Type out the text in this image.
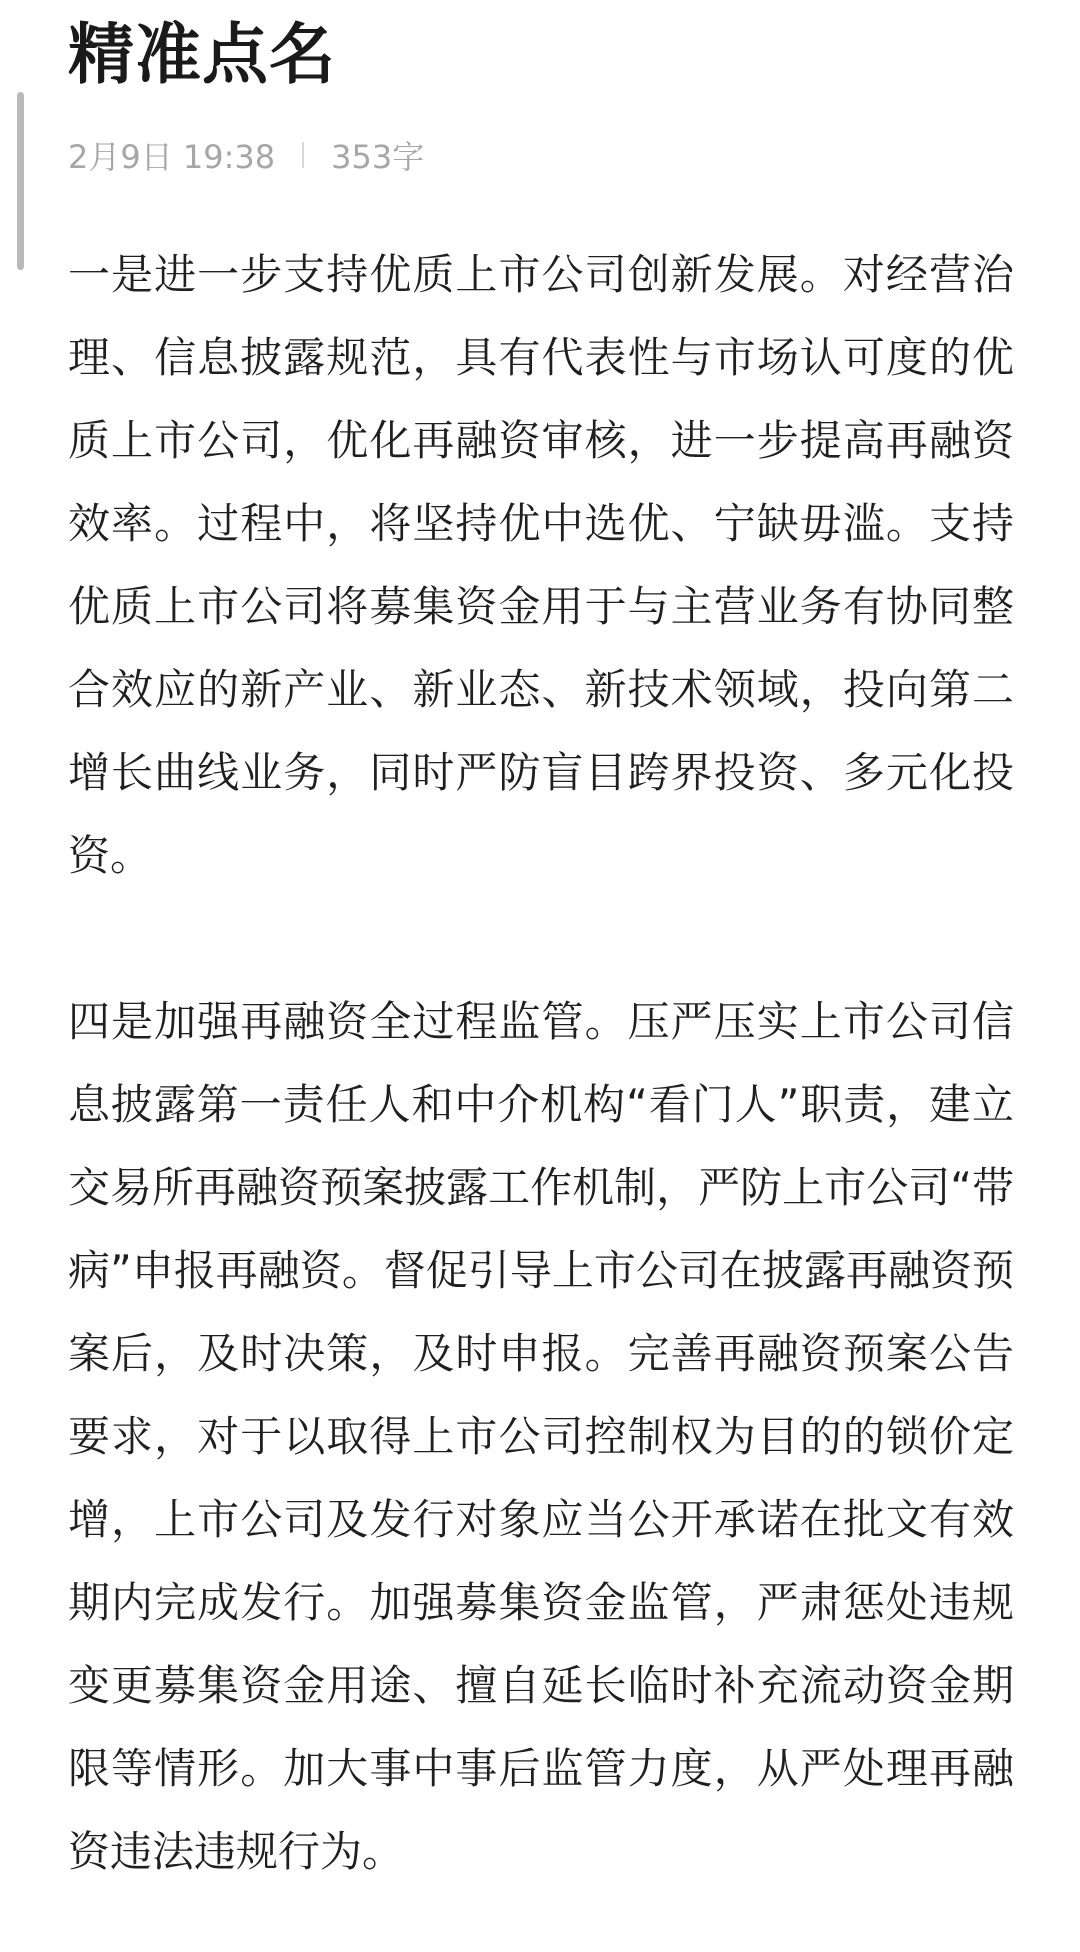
精准点名
2月9日 19:38 353字

一是进一步支持优质上市公司创新发展。对经营治理、信息披露规范，具有代表性与市场认可度的优质上市公司，优化再融资审核，进一步提高再融资效率。过程中，将坚持优中选优、宁缺毋滥。支持优质上市公司将募集资金用于与主营业务有协同整合效应的新产业、新业态、新技术领域，投向第二增长曲线业务，同时严防盲目跨界投资、多元化投资。

四是加强再融资全过程监管。压严压实上市公司信息披露第一责任人和中介机构“看门人”职责，建立交易所再融资预案披露工作机制，严防上市公司“带病”申报再融资。督促引导上市公司在披露再融资预案后，及时决策，及时申报。完善再融资预案公告要求，对于以取得上市公司控制权为目的的锁价定增，上市公司及发行对象应当公开承诺在批文有效期内完成发行。加强募集资金监管，严肃惩处违规变更募集资金用途、擅自延长临时补充流动资金期限等情形。加大事中事后监管力度，从严处理再融资违法违规行为。
